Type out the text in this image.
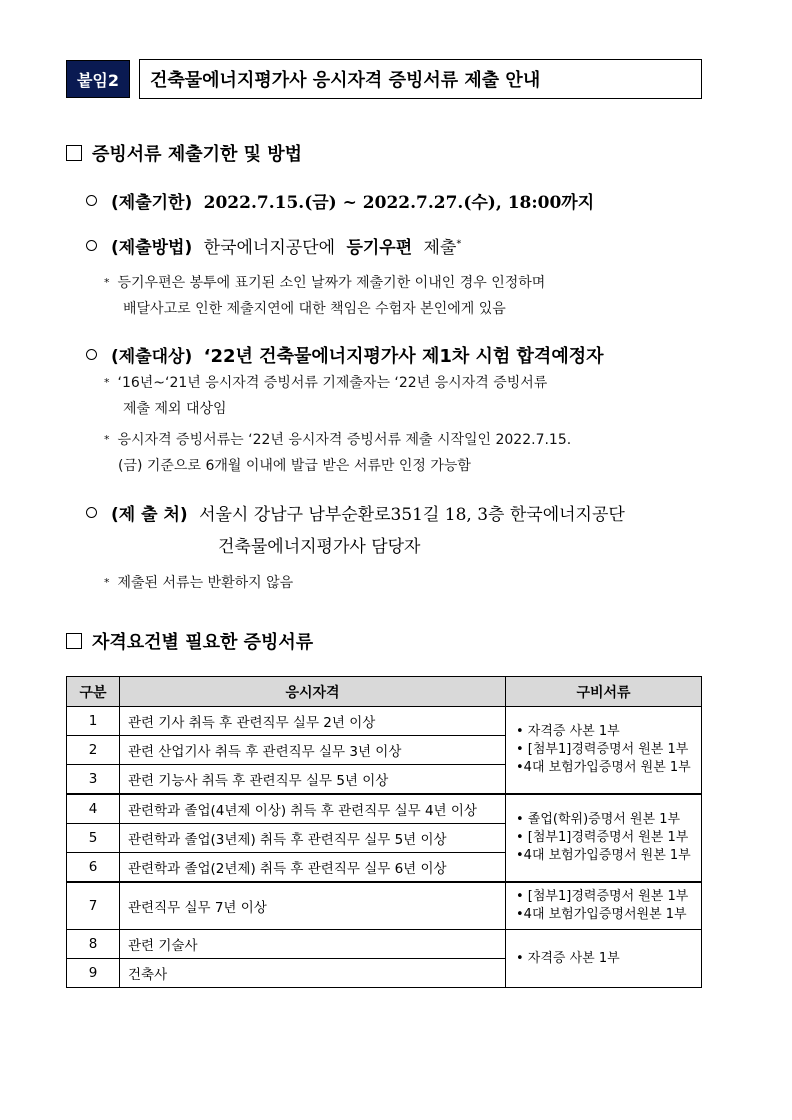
붙임2	건축물에너지평가사 응시자격 증빙서류 제출 안내
증빙서류 제출기한 및 방법
(제출기한) 2022.7.15.(금) ~ 2022.7.27.(수), 18:00까지
(제출방법) 한국에너지공단에 등기우편 제출*
* 등기우편은 봉투에 표기된 소인 날짜가 제출기한 이내인 경우 인정하며
배달사고로 인한 제출지연에 대한 책임은 수험자 본인에게 있음
(제출대상) ‘22년 건축물에너지평가사 제1차 시험 합격예정자
* ‘16년~‘21년 응시자격 증빙서류 기제출자는 ‘22년 응시자격 증빙서류
제출 제외 대상임
* 응시자격 증빙서류는 ‘22년 응시자격 증빙서류 제출 시작일인 2022.7.15.
(금) 기준으로 6개월 이내에 발급 받은 서류만 인정 가능함
(제 출 처) 서울시 강남구 남부순환로351길 18, 3층 한국에너지공단
건축물에너지평가사 담당자
* 제출된 서류는 반환하지 않음
자격요건별 필요한 증빙서류
구분	응시자격	구비서류
1	관련 기사 취득 후 관련직무 실무 2년 이상	• 자격증 사본 1부
• [첨부1]경력증명서 원본 1부
•4대 보험가입증명서 원본 1부

2	관련 산업기사 취득 후 관련직무 실무 3년 이상	
3	관련 기능사 취득 후 관련직무 실무 5년 이상	
4	관련학과 졸업(4년제 이상) 취득 후 관련직무 실무 4년 이상	• 졸업(학위)증명서 원본 1부
• [첨부1]경력증명서 원본 1부
•4대 보험가입증명서 원본 1부

5	관련학과 졸업(3년제) 취득 후 관련직무 실무 5년 이상	
6	관련학과 졸업(2년제) 취득 후 관련직무 실무 6년 이상	
7	관련직무 실무 7년 이상	• [첨부1]경력증명서 원본 1부
•4대 보험가입증명서원본 1부

8	관련 기술사	• 자격증 사본 1부

9	건축사	
